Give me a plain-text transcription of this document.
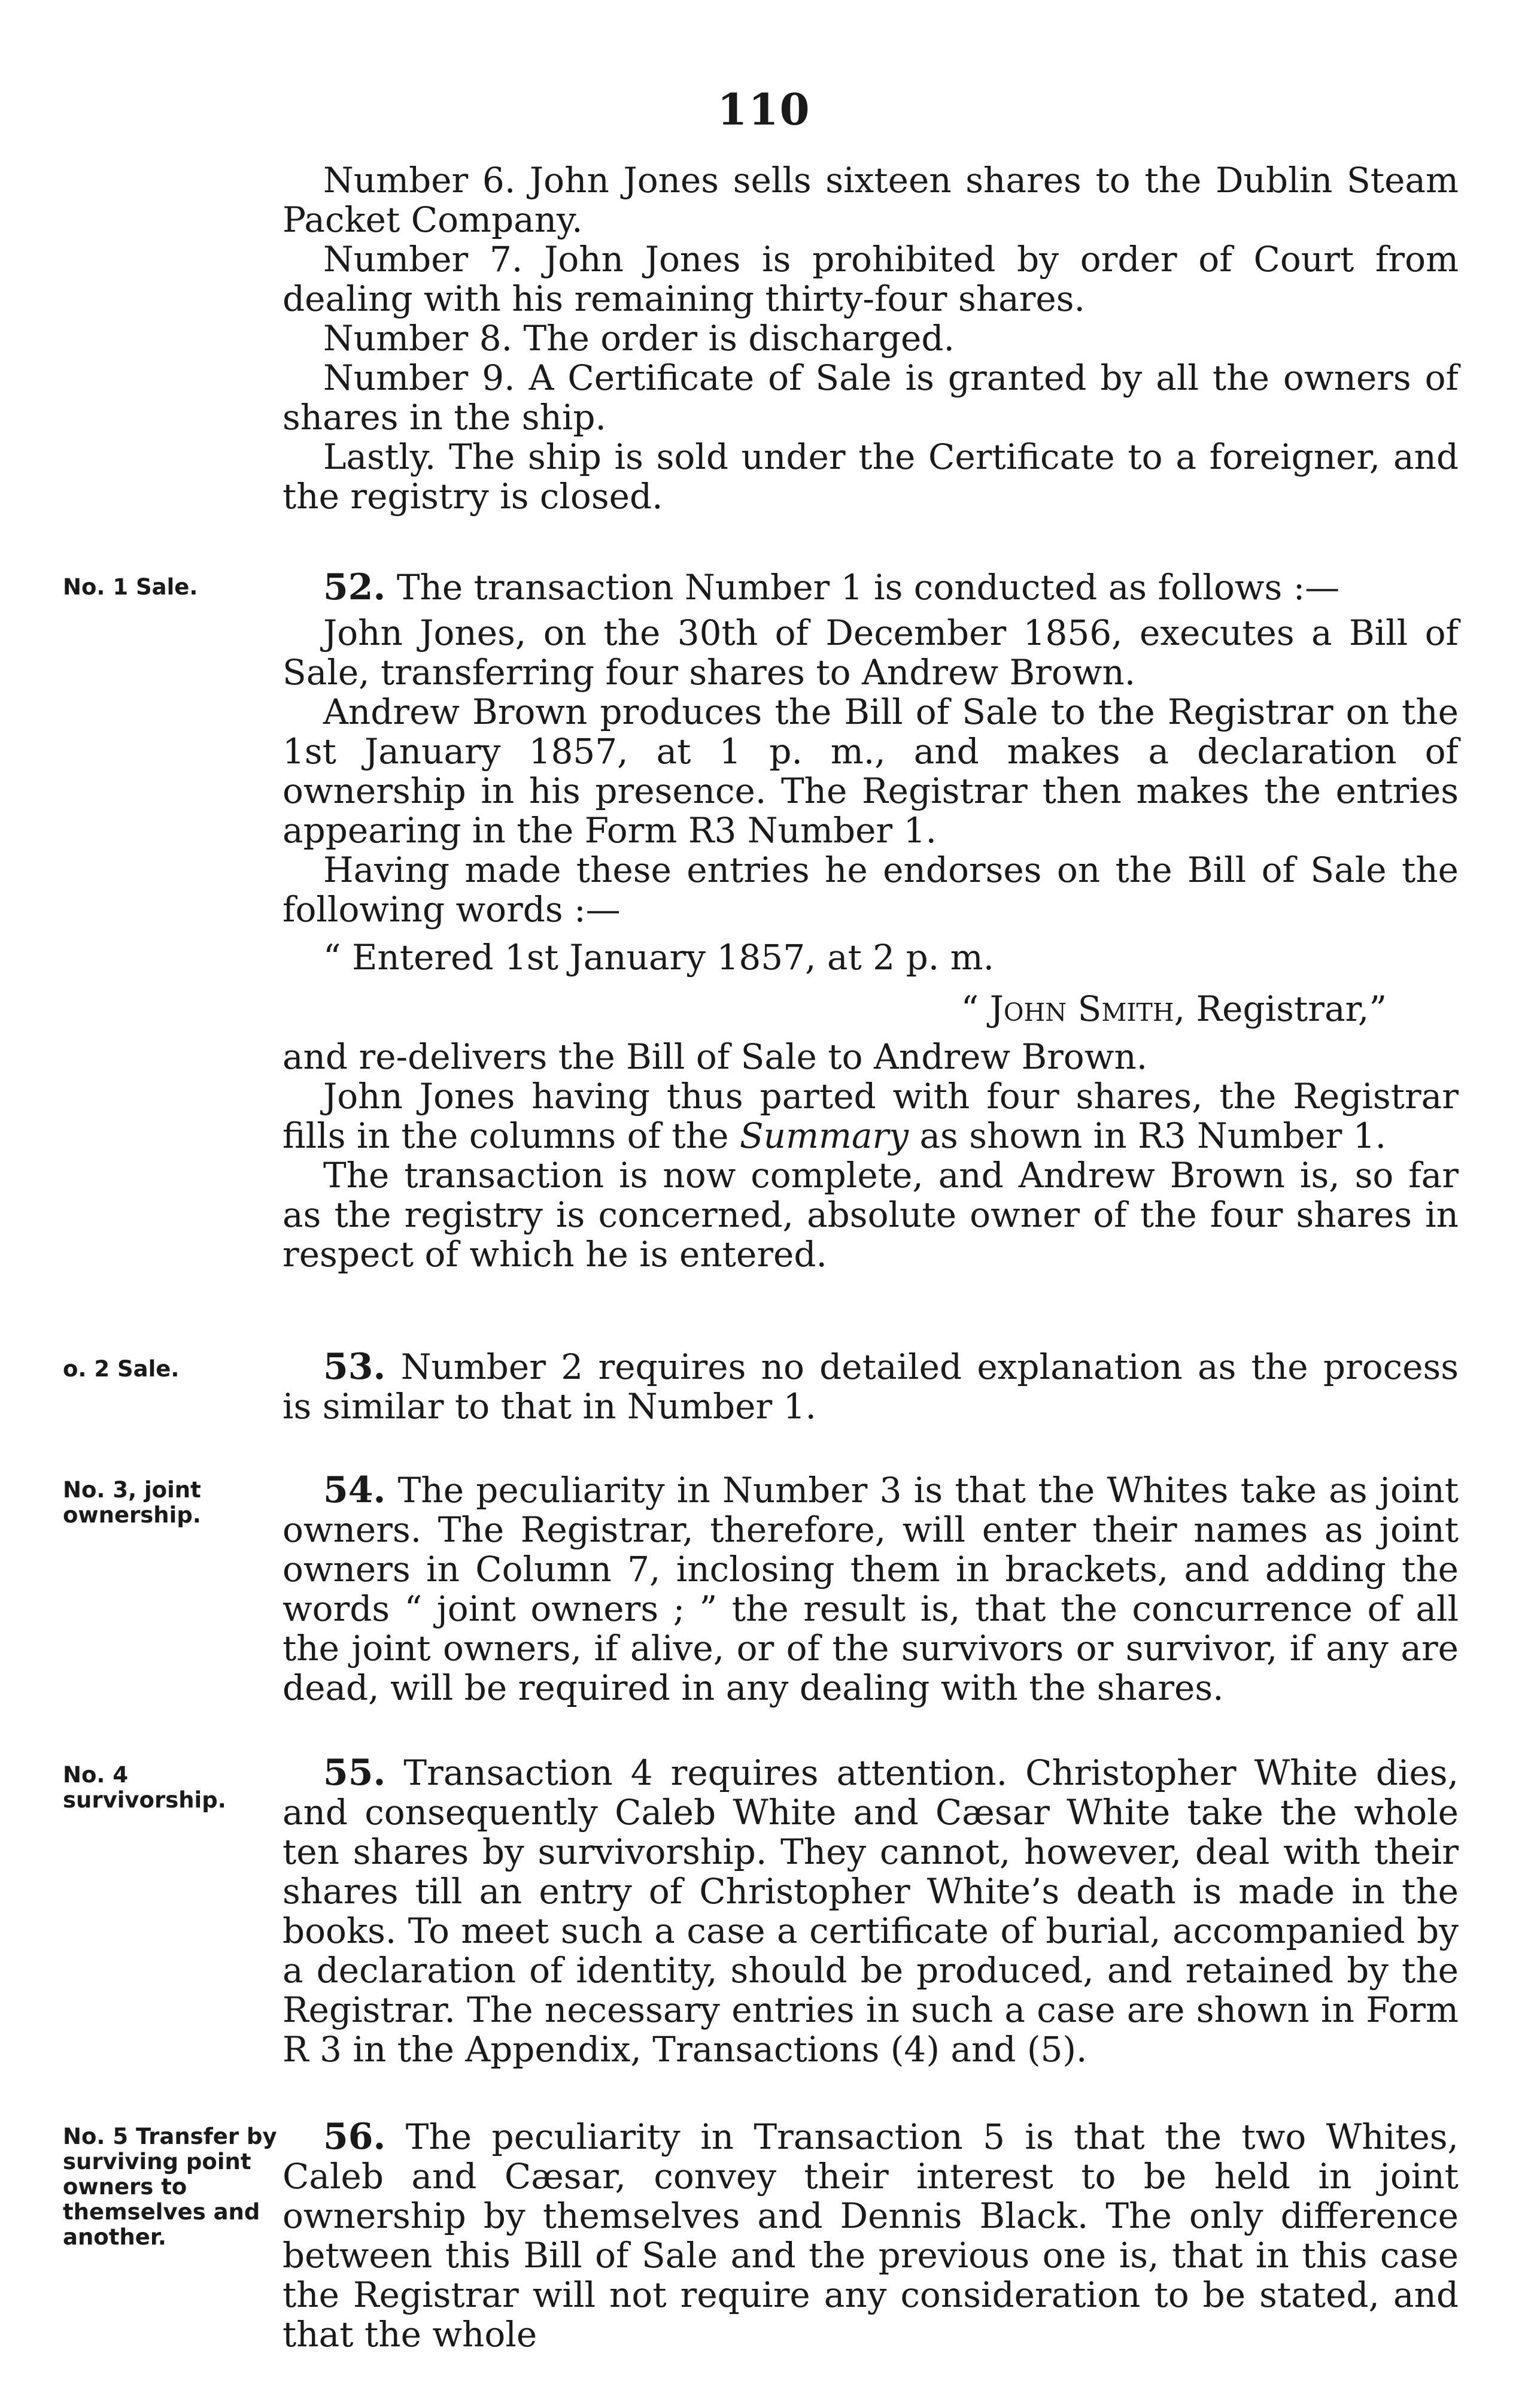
110

Number 6. John Jones sells sixteen shares to the Dublin Steam Packet Company.

Number 7. John Jones is prohibited by order of Court from dealing with his remaining thirty-four shares.

Number 8. The order is discharged.

Number 9. A Certificate of Sale is granted by all the owners of shares in the ship.

Lastly. The ship is sold under the Certificate to a foreigner, and the registry is closed.

No. 1 Sale.	52. The transaction Number 1 is conducted as follows :—

John Jones, on the 30th of December 1856, executes a Bill of Sale, transferring four shares to Andrew Brown.

Andrew Brown produces the Bill of Sale to the Registrar on the 1st January 1857, at 1 p. m., and makes a declaration of ownership in his presence. The Registrar then makes the entries appearing in the Form R3 Number 1.

Having made these entries he endorses on the Bill of Sale the following words :—

“ Entered 1st January 1857, at 2 p. m.

“ John Smith, Registrar,”

and re-delivers the Bill of Sale to Andrew Brown.

John Jones having thus parted with four shares, the Registrar fills in the columns of the Summary as shown in R3 Number 1.

The transaction is now complete, and Andrew Brown is, so far as the registry is concerned, absolute owner of the four shares in respect of which he is entered.

o. 2 Sale.	53. Number 2 requires no detailed explanation as the process is similar to that in Number 1.

No. 3, joint ownership.

54. The peculiarity in Number 3 is that the Whites take as joint owners. The Registrar, therefore, will enter their names as joint owners in Column 7, inclosing them in brackets, and adding the words “ joint owners ; ” the result is, that the concurrence of all the joint owners, if alive, or of the survivors or survivor, if any are dead, will be required in any dealing with the shares.

No. 4 survivorship.

55. Transaction 4 requires attention. Christopher White dies, and consequently Caleb White and Cæsar White take the whole ten shares by survivorship. They cannot, however, deal with their shares till an entry of Christopher White’s death is made in the books. To meet such a case a certificate of burial, accompanied by a declaration of identity, should be produced, and retained by the Registrar. The necessary entries in such a case are shown in Form R 3 in the Appendix, Transactions (4) and (5).

No. 5 Transfer by surviving point owners to themselves and another.

56. The peculiarity in Transaction 5 is that the two Whites, Caleb and Cæsar, convey their interest to be held in joint ownership by themselves and Dennis Black. The only difference between this Bill of Sale and the previous one is, that in this case the Registrar will not require any consideration to be stated, and that the whole
